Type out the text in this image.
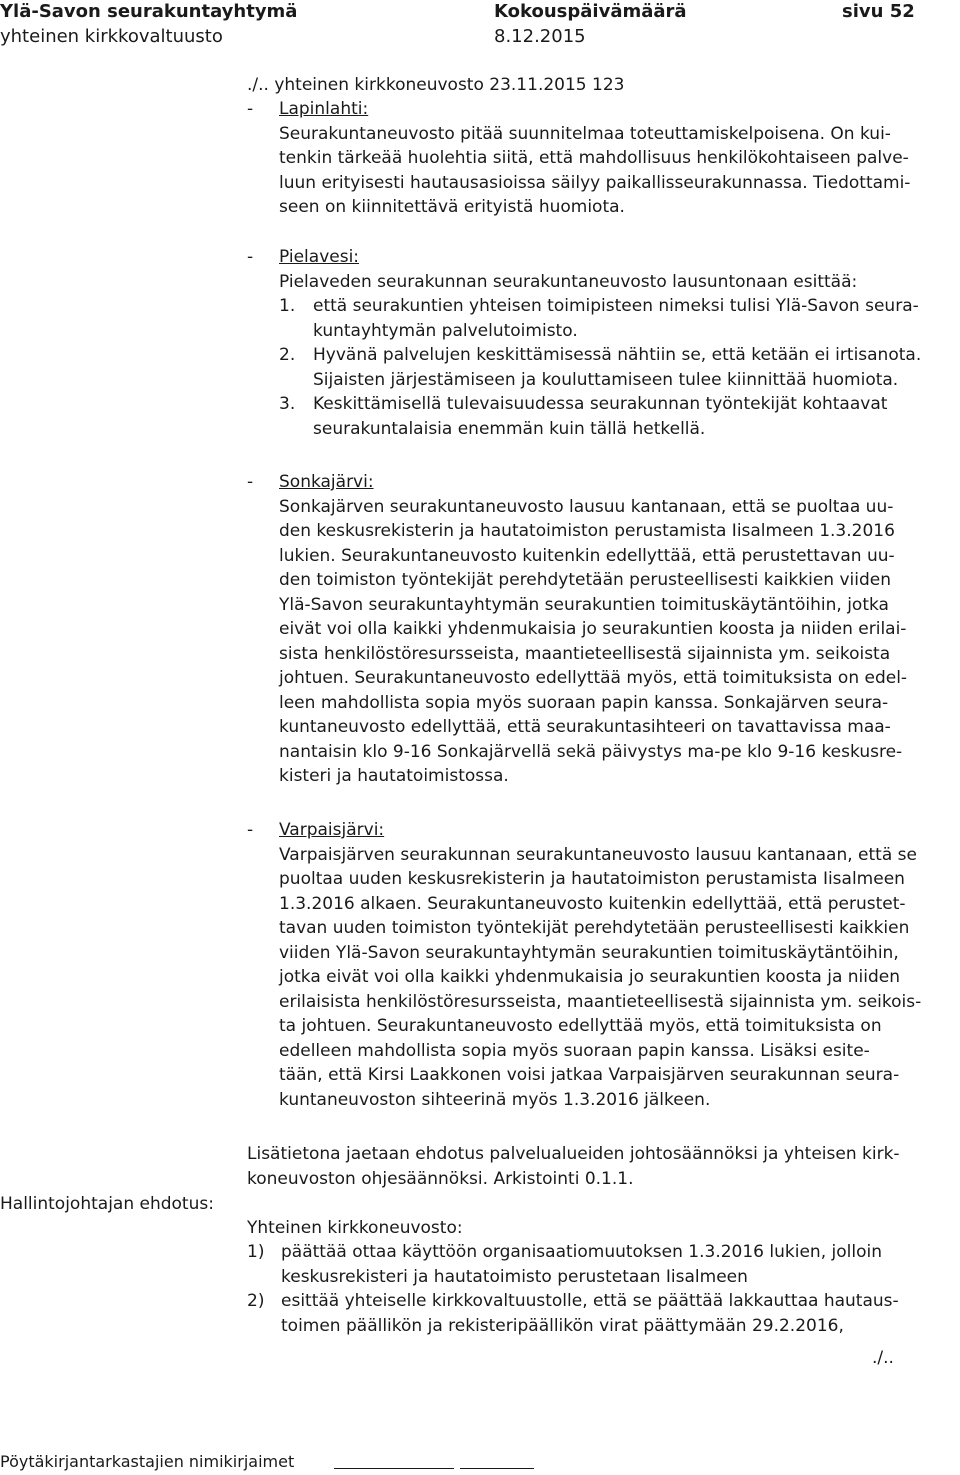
Ylä-Savon seurakuntayhtymä	Kokouspäivämäärä	sivu 52
yhteinen kirkkovaltuusto	8.12.2015
./.. yhteinen kirkkoneuvosto 23.11.2015 123
- Lapinlahti:
Seurakuntaneuvosto pitää suunnitelmaa toteuttamiskelpoisena. On kui-
tenkin tärkeää huolehtia siitä, että mahdollisuus henkilökohtaiseen palve-
luun erityisesti hautausasioissa säilyy paikallisseurakunnassa. Tiedottami-
seen on kiinnitettävä erityistä huomiota.
- Pielavesi:
Pielaveden seurakunnan seurakuntaneuvosto lausuntonaan esittää:
1. että seurakuntien yhteisen toimipisteen nimeksi tulisi Ylä-Savon seura-
kuntayhtymän palvelutoimisto.
2. Hyvänä palvelujen keskittämisessä nähtiin se, että ketään ei irtisanota.
Sijaisten järjestämiseen ja kouluttamiseen tulee kiinnittää huomiota.
3. Keskittämisellä tulevaisuudessa seurakunnan työntekijät kohtaavat
seurakuntalaisia enemmän kuin tällä hetkellä.
- Sonkajärvi:
Sonkajärven seurakuntaneuvosto lausuu kantanaan, että se puoltaa uu-
den keskusrekisterin ja hautatoimiston perustamista Iisalmeen 1.3.2016
lukien. Seurakuntaneuvosto kuitenkin edellyttää, että perustettavan uu-
den toimiston työntekijät perehdytetään perusteellisesti kaikkien viiden
Ylä-Savon seurakuntayhtymän seurakuntien toimituskäytäntöihin, jotka
eivät voi olla kaikki yhdenmukaisia jo seurakuntien koosta ja niiden erilai-
sista henkilöstöresursseista, maantieteellisestä sijainnista ym. seikoista
johtuen. Seurakuntaneuvosto edellyttää myös, että toimituksista on edel-
leen mahdollista sopia myös suoraan papin kanssa. Sonkajärven seura-
kuntaneuvosto edellyttää, että seurakuntasihteeri on tavattavissa maa-
nantaisin klo 9-16 Sonkajärvellä sekä päivystys ma-pe klo 9-16 keskusre-
kisteri ja hautatoimistossa.
- Varpaisjärvi:
Varpaisjärven seurakunnan seurakuntaneuvosto lausuu kantanaan, että se
puoltaa uuden keskusrekisterin ja hautatoimiston perustamista Iisalmeen
1.3.2016 alkaen. Seurakuntaneuvosto kuitenkin edellyttää, että perustet-
tavan uuden toimiston työntekijät perehdytetään perusteellisesti kaikkien
viiden Ylä-Savon seurakuntayhtymän seurakuntien toimituskäytäntöihin,
jotka eivät voi olla kaikki yhdenmukaisia jo seurakuntien koosta ja niiden
erilaisista henkilöstöresursseista, maantieteellisestä sijainnista ym. seikois-
ta johtuen. Seurakuntaneuvosto edellyttää myös, että toimituksista on
edelleen mahdollista sopia myös suoraan papin kanssa. Lisäksi esite-
tään, että Kirsi Laakkonen voisi jatkaa Varpaisjärven seurakunnan seura-
kuntaneuvoston sihteerinä myös 1.3.2016 jälkeen.
Hallintojohtajan ehdotus:
Lisätietona jaetaan ehdotus palvelualueiden johtosäännöksi ja yhteisen kirk-
koneuvoston ohjesäännöksi. Arkistointi 0.1.1.
Yhteinen kirkkoneuvosto:
1) päättää ottaa käyttöön organisaatiomuutoksen 1.3.2016 lukien, jolloin
keskusrekisteri ja hautatoimisto perustetaan Iisalmeen
2) esittää yhteiselle kirkkovaltuustolle, että se päättää lakkauttaa hautaus-
toimen päällikön ja rekisteripäällikön virat päättymään 29.2.2016,
./..
Pöytäkirjantarkastajien nimikirjaimet
